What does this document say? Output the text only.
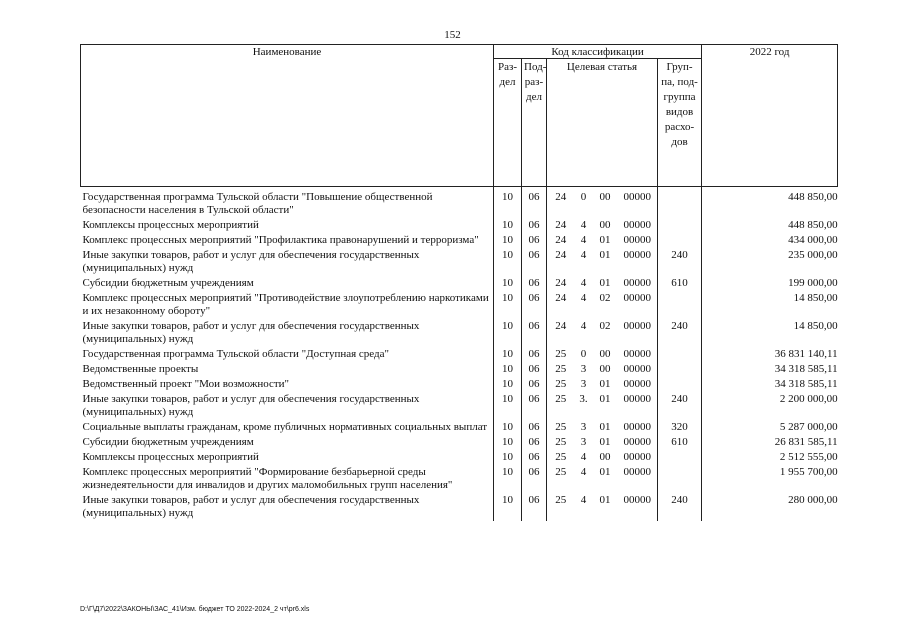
152
Наименование	Код классификации							2022 год
	Раз- дел	Под- раз- дел	Целевая статья				Груп- па, под- группа видов расхо- дов	
Государственная программа Тульской области "Повышение общественной безопасности населения в Тульской области"	10	06	24	0	00	00000		448 850,00
Комплексы процессных мероприятий	10	06	24	4	00	00000		448 850,00
Комплекс процессных мероприятий "Профилактика правонарушений и терроризма"	10	06	24	4	01	00000		434 000,00
Иные закупки товаров, работ и услуг для обеспечения государственных (муниципальных) нужд	10	06	24	4	01	00000	240	235 000,00
Субсидии бюджетным учреждениям	10	06	24	4	01	00000	610	199 000,00
Комплекс процессных мероприятий "Противодействие злоупотреблению наркотиками и их незаконному обороту"	10	06	24	4	02	00000		14 850,00
Иные закупки товаров, работ и услуг для обеспечения государственных (муниципальных) нужд	10	06	24	4	02	00000	240	14 850,00
Государственная программа Тульской области "Доступная среда"	10	06	25	0	00	00000		36 831 140,11
Ведомственные проекты	10	06	25	3	00	00000		34 318 585,11
Ведомственный проект "Мои возможности"	10	06	25	3	01	00000		34 318 585,11
Иные закупки товаров, работ и услуг для обеспечения государственных (муниципальных) нужд	10	06	25	3.	01	00000	240	2 200 000,00
Социальные выплаты гражданам, кроме публичных нормативных социальных выплат	10	06	25	3	01	00000	320	5 287 000,00
Субсидии бюджетным учреждениям	10	06	25	3	01	00000	610	26 831 585,11
Комплексы процессных мероприятий	10	06	25	4	00	00000		2 512 555,00
Комплекс процессных мероприятий "Формирование безбарьерной среды жизнедеятельности для инвалидов и других маломобильных групп населения"	10	06	25	4	01	00000		1 955 700,00
Иные закупки товаров, работ и услуг для обеспечения государственных (муниципальных) нужд	10	06	25	4	01	00000	240	280 000,00
D:\Г\Д7\2022\ЗАКОНЫ\ЗАС_41\Изм. бюджет ТО 2022-2024_2 чт\pr6.xls
